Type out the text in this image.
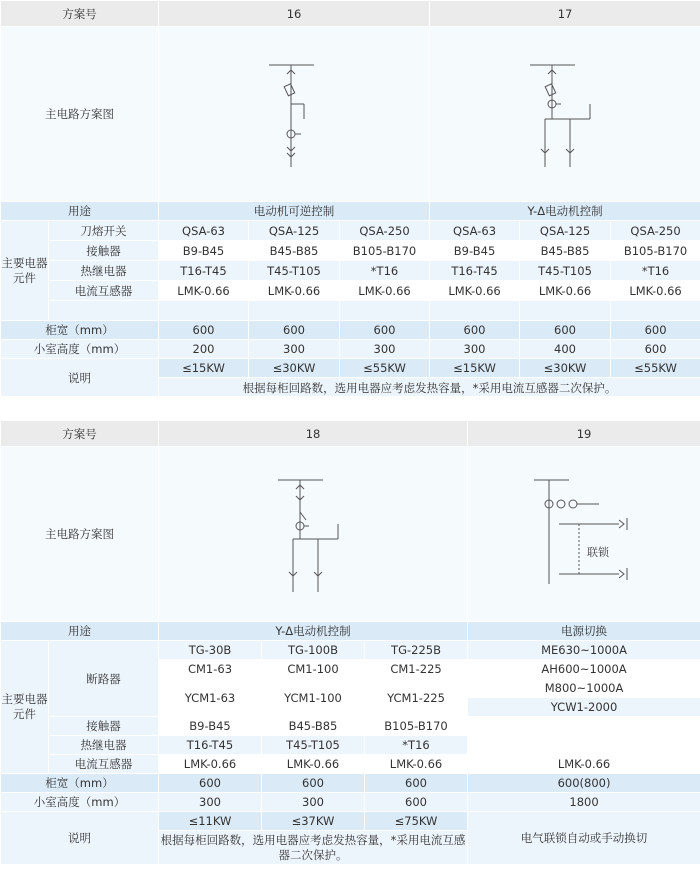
方案号		16			17		
主电路方案图	

用途		电动机可逆控制			Y-Δ电动机控制		
主要电器元件	刀熔开关	QSA-63	QSA-125	QSA-250	QSA-63	QSA-125	QSA-250
	接触器	B9-B45	B45-B85	B105-B170	B9-B45	B45-B85	B105-B170
	热继电器	T16-T45	T45-T105	*T16	T16-T45	T45-T105	*T16
	电流互感器	LMK-0.66	LMK-0.66	LMK-0.66	LMK-0.66	LMK-0.66	LMK-0.66

柜宽（mm）		600	600	600	600	600	600
小室高度（mm）		200	300	300	300	400	600
说明		≤15KW	≤30KW	≤55KW	≤15KW	≤30KW	≤55KW
		根据每柜回路数，选用电器应考虑发热容量，*采用电流互感器二次保护。					
方案号		18			19
主电路方案图					联锁

用途		Y-Δ电动机控制			电源切换
主要电器元件	断路器	TG-30B	TG-100B	TG-225B	ME630~1000A
		CM1-63	CM1-100	CM1-225	AH600~1000A
		YCM1-63	YCM1-100	YCM1-225	M800~1000A
					YCW1-2000
	接触器	B9-B45	B45-B85	B105-B170	
	热继电器	T16-T45	T45-T105	*T16	
	电流互感器	LMK-0.66	LMK-0.66	LMK-0.66	LMK-0.66
柜宽（mm）		600	600	600	600(800)
小室高度（mm）		300	300	600	1800
说明		≤11KW	≤37KW	≤75KW	电气联锁自动或手动换切
		根据每柜回路数，选用电器应考虑发热容量，*采用电流互感器二次保护。			
